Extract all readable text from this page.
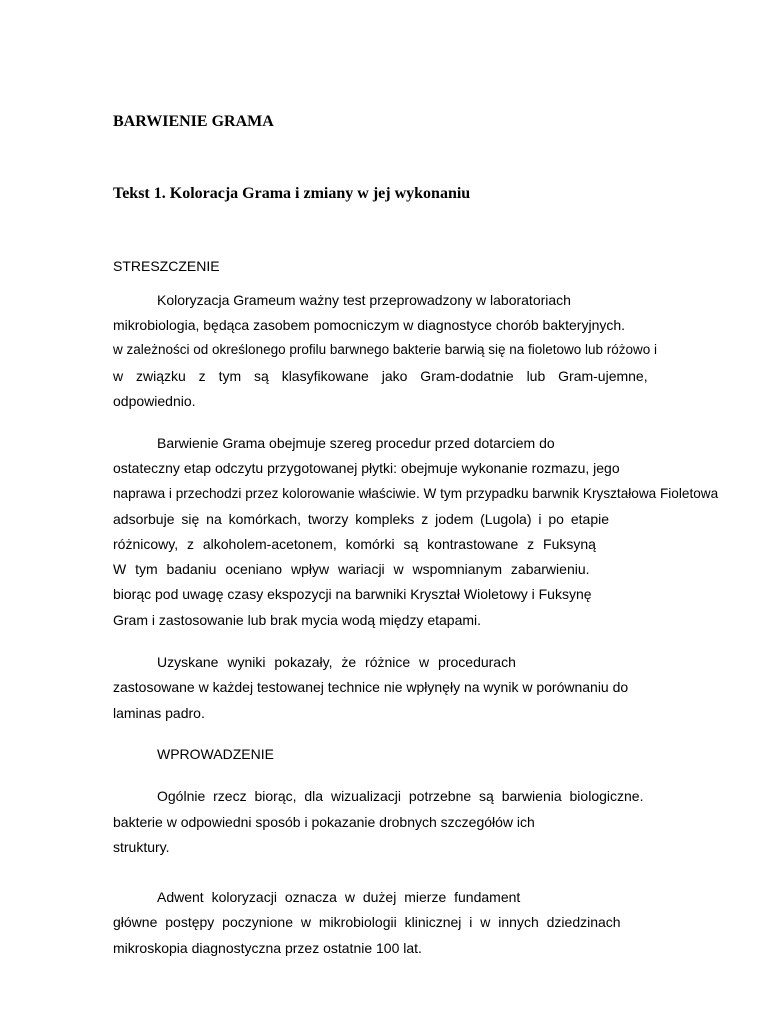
BARWIENIE GRAMA
Tekst 1. Koloracja Grama i zmiany w jej wykonaniu
STRESZCZENIE
Koloryzacja Grameum ważny test przeprowadzony w laboratoriach
mikrobiologia, będąca zasobem pomocniczym w diagnostyce chorób bakteryjnych.
w zależności od określonego profilu barwnego bakterie barwią się na fioletowo lub różowo i
w związku z tym są klasyfikowane jako Gram-dodatnie lub Gram-ujemne,
odpowiednio.
Barwienie Grama obejmuje szereg procedur przed dotarciem do
ostateczny etap odczytu przygotowanej płytki: obejmuje wykonanie rozmazu, jego
naprawa i przechodzi przez kolorowanie właściwie. W tym przypadku barwnik Kryształowa Fioletowa
adsorbuje się na komórkach, tworzy kompleks z jodem (Lugola) i po etapie
różnicowy, z alkoholem-acetonem, komórki są kontrastowane z Fuksyną
W tym badaniu oceniano wpływ wariacji w wspomnianym zabarwieniu.
biorąc pod uwagę czasy ekspozycji na barwniki Kryształ Wioletowy i Fuksynę
Gram i zastosowanie lub brak mycia wodą między etapami.
Uzyskane wyniki pokazały, że różnice w procedurach
zastosowane w każdej testowanej technice nie wpłynęły na wynik w porównaniu do
laminas padrо.
WPROWADZENIE
Ogólnie rzecz biorąc, dla wizualizacji potrzebne są barwienia biologiczne.
bakterie w odpowiedni sposób i pokazanie drobnych szczegółów ich
struktury.
Adwent koloryzacji oznacza w dużej mierze fundament
główne postępy poczynione w mikrobiologii klinicznej i w innych dziedzinach
mikroskopia diagnostyczna przez ostatnie 100 lat.
